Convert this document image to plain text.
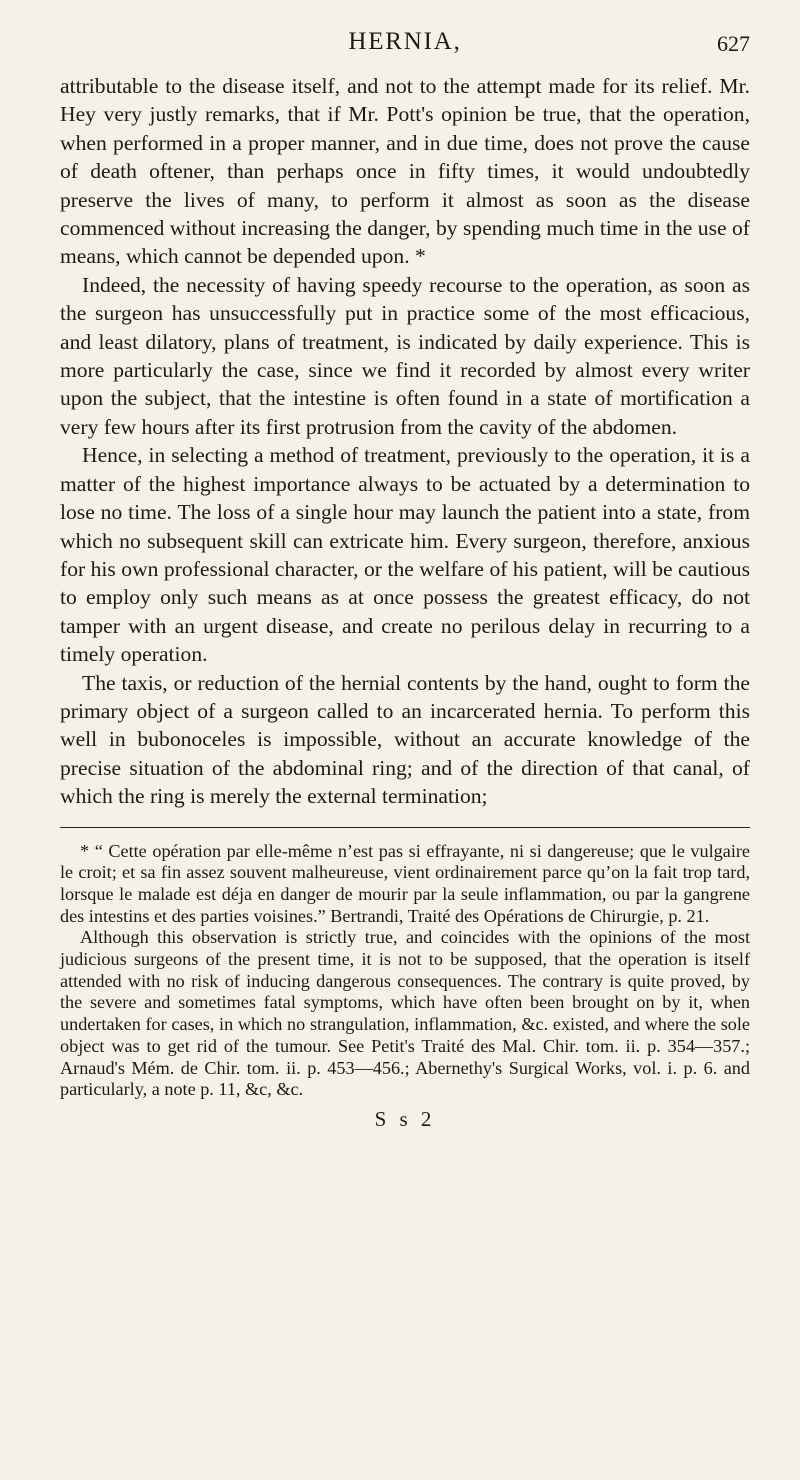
HERNIA,	627

attributable to the disease itself, and not to the attempt made for its relief. Mr. Hey very justly remarks, that if Mr. Pott's opinion be true, that the operation, when performed in a proper manner, and in due time, does not prove the cause of death oftener, than perhaps once in fifty times, it would undoubtedly preserve the lives of many, to perform it almost as soon as the disease commenced without increasing the danger, by spending much time in the use of means, which cannot be depended upon. *

Indeed, the necessity of having speedy recourse to the operation, as soon as the surgeon has unsuccessfully put in practice some of the most efficacious, and least dilatory, plans of treatment, is indicated by daily experience. This is more particularly the case, since we find it recorded by almost every writer upon the subject, that the intestine is often found in a state of mortification a very few hours after its first protrusion from the cavity of the abdomen.

Hence, in selecting a method of treatment, previously to the operation, it is a matter of the highest importance always to be actuated by a determination to lose no time. The loss of a single hour may launch the patient into a state, from which no subsequent skill can extricate him. Every surgeon, therefore, anxious for his own professional character, or the welfare of his patient, will be cautious to employ only such means as at once possess the greatest efficacy, do not tamper with an urgent disease, and create no perilous delay in recurring to a timely operation.

The taxis, or reduction of the hernial contents by the hand, ought to form the primary object of a surgeon called to an incarcerated hernia. To perform this well in bubonoceles is impossible, without an accurate knowledge of the precise situation of the abdominal ring; and of the direction of that canal, of which the ring is merely the external termination;

* “ Cette opération par elle-même n’est pas si effrayante, ni si dangereuse; que le vulgaire le croit; et sa fin assez souvent malheureuse, vient ordinairement parce qu’on la fait trop tard, lorsque le malade est déja en danger de mourir par la seule inflammation, ou par la gangrene des intestins et des parties voisines.” Bertrandi, Traité des Opérations de Chirurgie, p. 21.

Although this observation is strictly true, and coincides with the opinions of the most judicious surgeons of the present time, it is not to be supposed, that the operation is itself attended with no risk of inducing dangerous consequences. The contrary is quite proved, by the severe and sometimes fatal symptoms, which have often been brought on by it, when undertaken for cases, in which no strangulation, inflammation, &c. existed, and where the sole object was to get rid of the tumour. See Petit's Traité des Mal. Chir. tom. ii. p. 354—357.; Arnaud's Mém. de Chir. tom. ii. p. 453—456.; Abernethy's Surgical Works, vol. i. p. 6. and particularly, a note p. 11, &c, &c.

S s 2
